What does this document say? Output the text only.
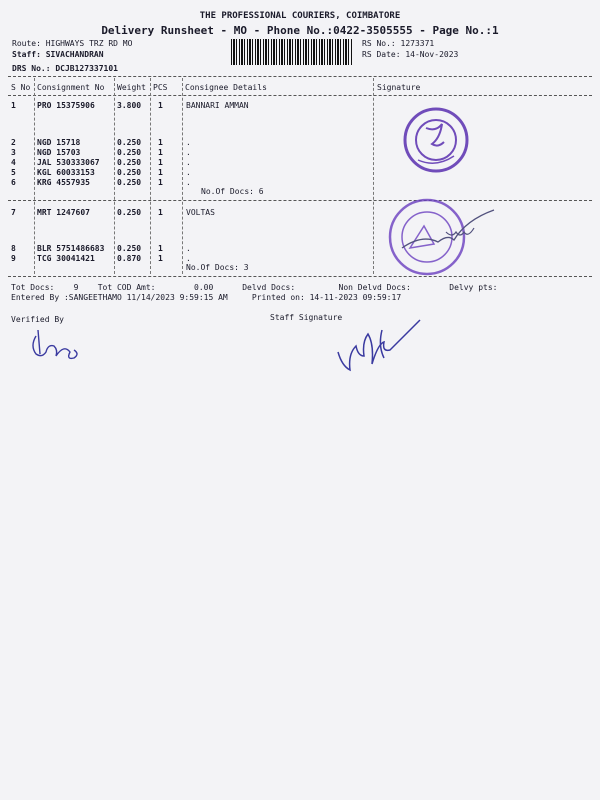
THE PROFESSIONAL COURIERS, COIMBATORE
Delivery Runsheet - MO - Phone No.:0422-3505555 - Page No.:1
Route: HIGHWAYS TRZ RD MO
Staff: SIVACHANDRAN
DRS No.: DCJB127337101
RS No.: 1273371
RS Date: 14-Nov-2023
S No Consignment No Weight PCS Consignee Details	Signature
1	PRO 15375906	3.800 1	BANNARI AMMAN
2	NGD 15718	0.250 1	.
3	NGD 15703	0.250 1	.
4	JAL 530333067 0.250 1	.
5	KGL 60033153	0.250 1	.
6	KRG 4557935	0.250 1	.
No.Of Docs: 6
7	MRT 1247607	0.250 1	VOLTAS
8	BLR 5751486683 0.250 1	.
9	TCG 30041421	0.870 1	.
No.Of Docs: 3
Tot Docs:    9    Tot COD Amt:        0.00      Delvd Docs:         Non Delvd Docs:        Delvy pts:
Entered By :SANGEETHAMO 11/14/2023 9:59:15 AM     Printed on: 14-11-2023 09:59:17
Verified By	Staff Signature
